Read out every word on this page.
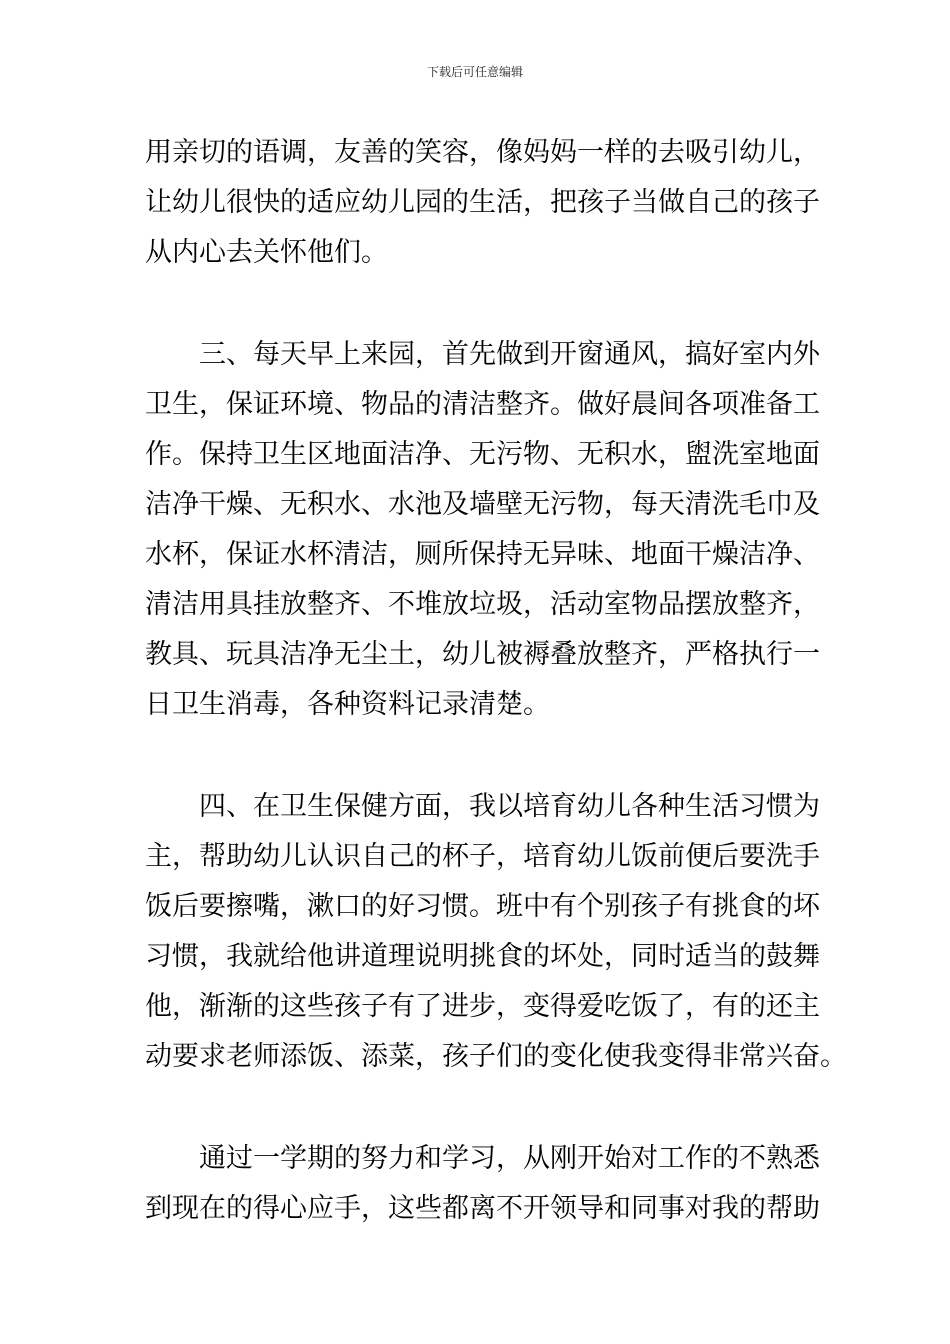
下载后可任意编辑
用亲切的语调，友善的笑容，像妈妈一样的去吸引幼儿，
让幼儿很快的适应幼儿园的生活，把孩子当做自己的孩子
从内心去关怀他们。
三、每天早上来园，首先做到开窗通风，搞好室内外
卫生，保证环境、物品的清洁整齐。做好晨间各项准备工
作。保持卫生区地面洁净、无污物、无积水，盥洗室地面
洁净干燥、无积水、水池及墙壁无污物，每天清洗毛巾及
水杯，保证水杯清洁，厕所保持无异味、地面干燥洁净、
清洁用具挂放整齐、不堆放垃圾，活动室物品摆放整齐，
教具、玩具洁净无尘土，幼儿被褥叠放整齐，严格执行一
日卫生消毒，各种资料记录清楚。
四、在卫生保健方面，我以培育幼儿各种生活习惯为
主，帮助幼儿认识自己的杯子，培育幼儿饭前便后要洗手
饭后要擦嘴，漱口的好习惯。班中有个别孩子有挑食的坏
习惯，我就给他讲道理说明挑食的坏处，同时适当的鼓舞
他，渐渐的这些孩子有了进步，变得爱吃饭了，有的还主
动要求老师添饭、添菜，孩子们的变化使我变得非常兴奋。
通过一学期的努力和学习，从刚开始对工作的不熟悉
到现在的得心应手，这些都离不开领导和同事对我的帮助
